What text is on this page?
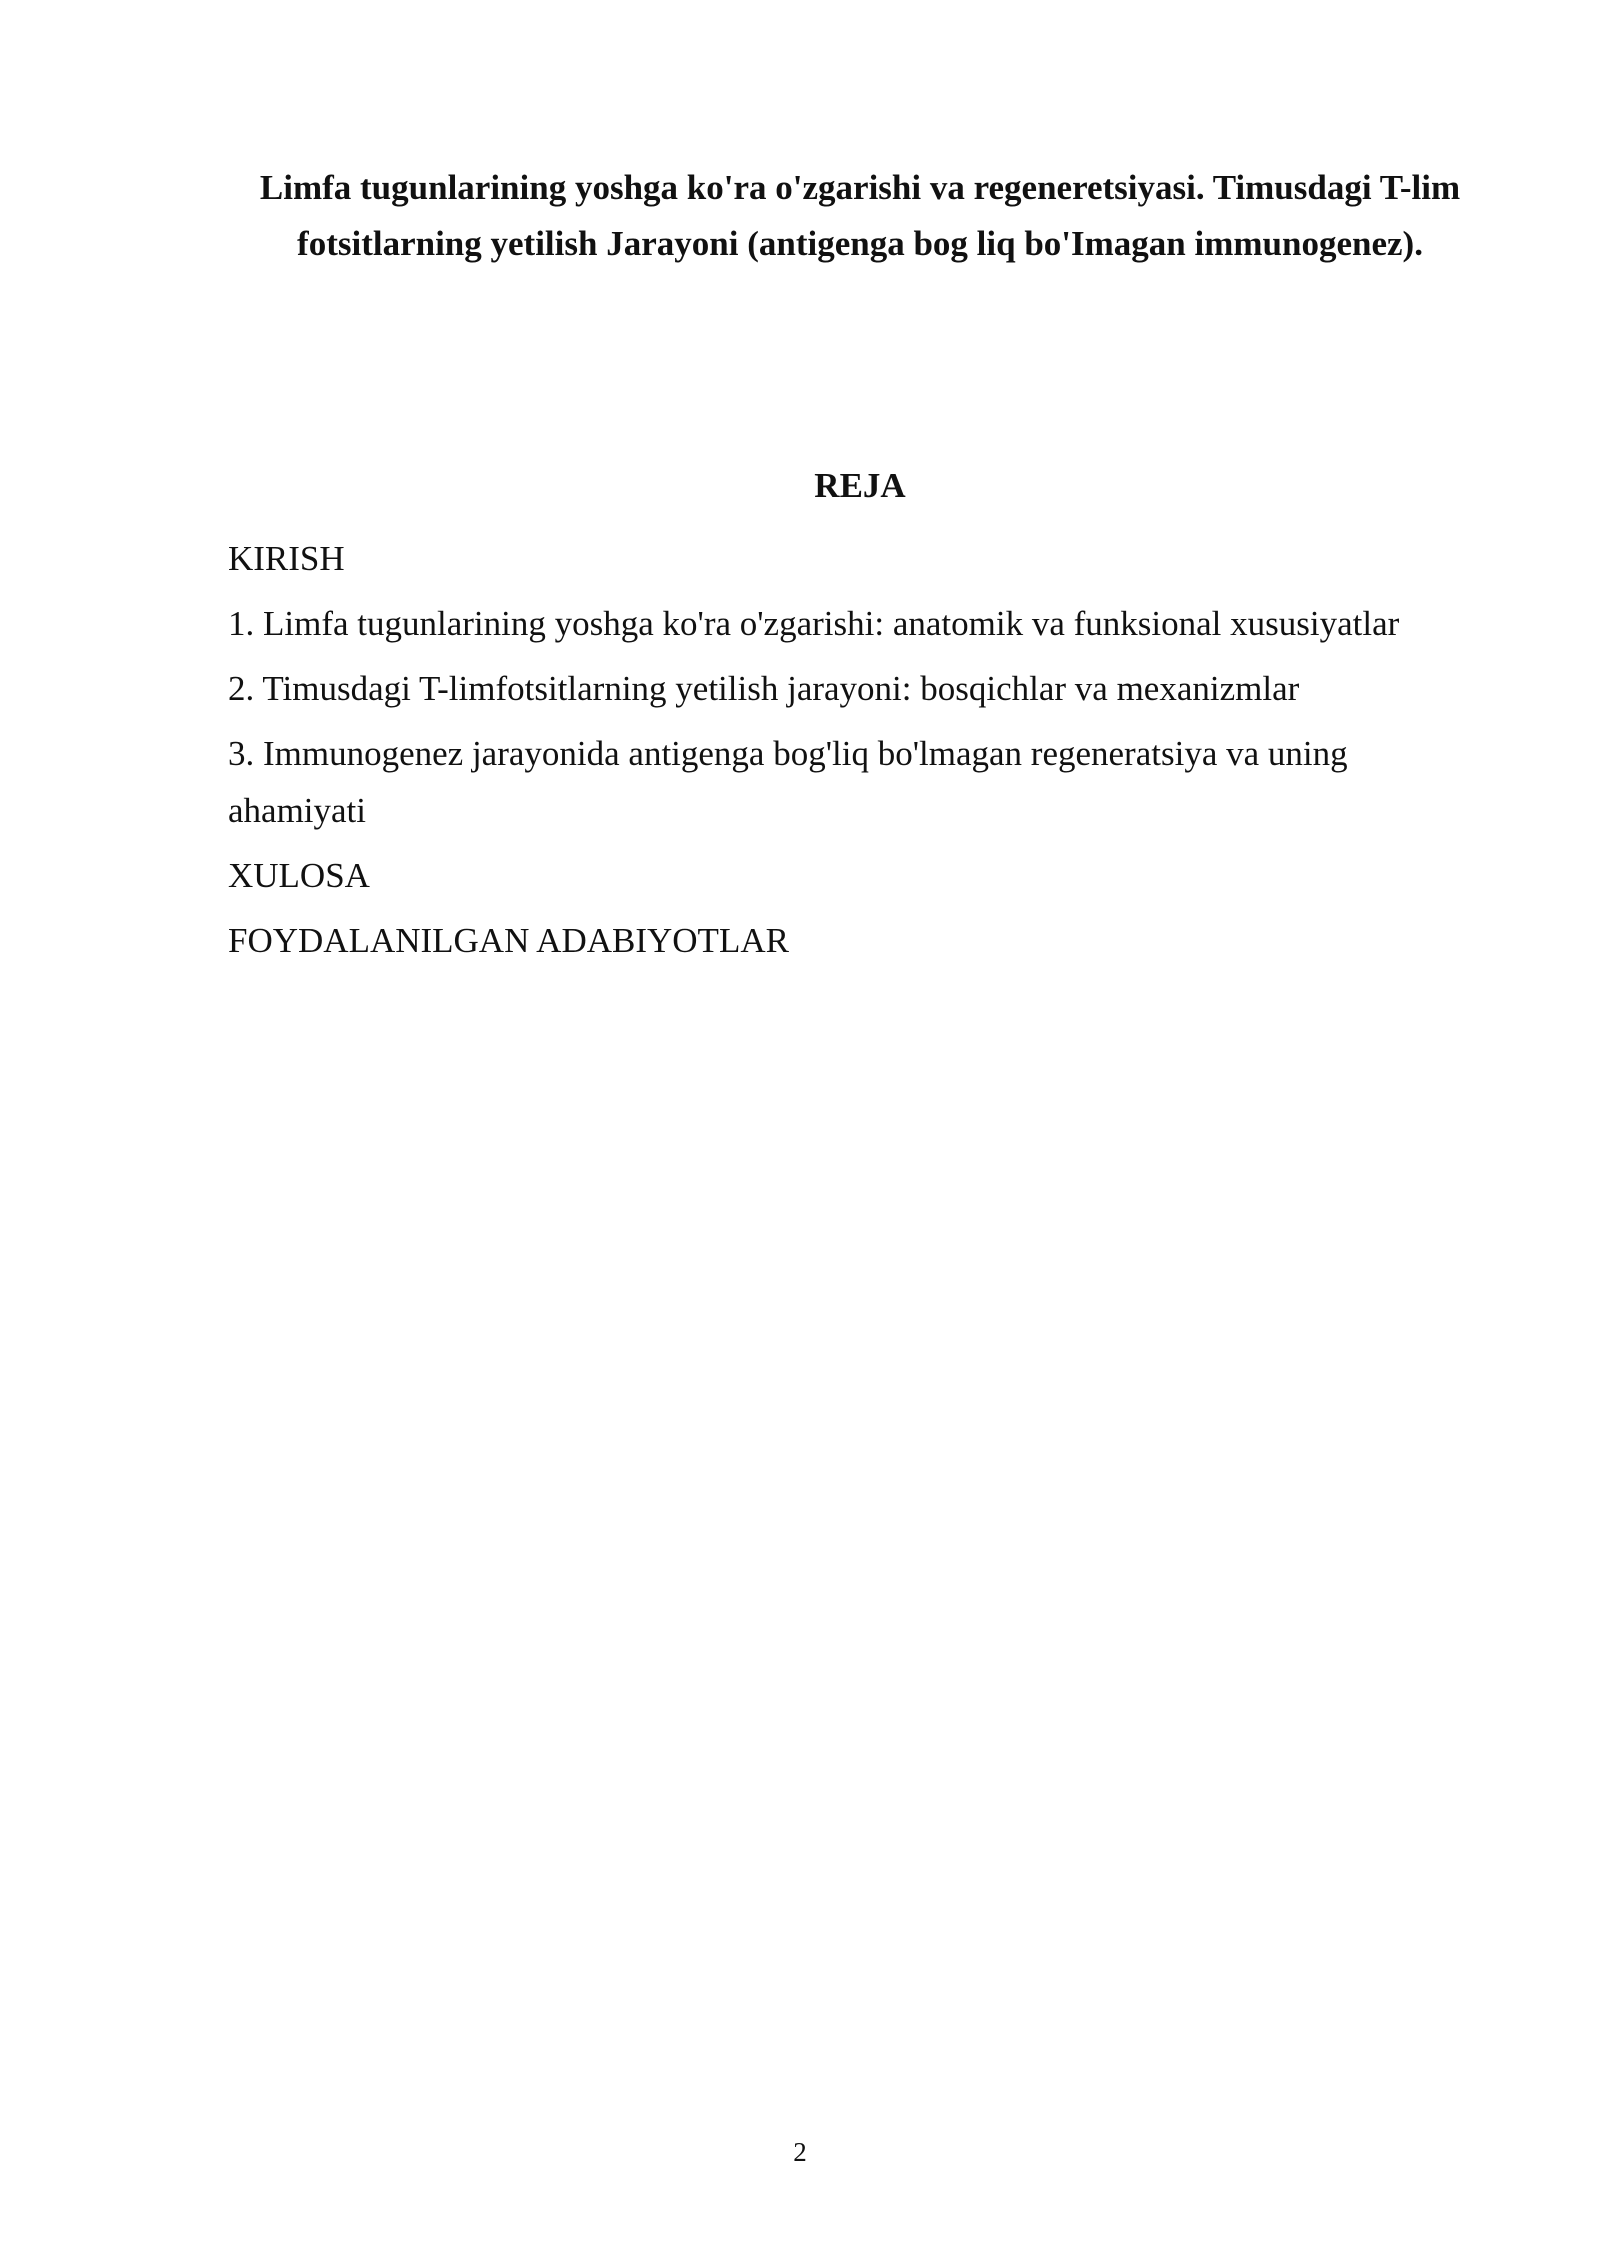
Limfa tugunlarining yoshga ko'ra o'zgarishi va regeneretsiyasi. Timusdagi T-lim fotsitlarning yetilish Jarayoni (antigenga bog liq bo'Imagan immunogenez).
REJA
KIRISH
1. Limfa tugunlarining yoshga ko'ra o'zgarishi: anatomik va funksional xususiyatlar
2. Timusdagi T-limfotsitlarning yetilish jarayoni: bosqichlar va mexanizmlar
3. Immunogenez jarayonida antigenga bog'liq bo'lmagan regeneratsiya va uning ahamiyati
XULOSA
FOYDALANILGAN ADABIYOTLAR
2
